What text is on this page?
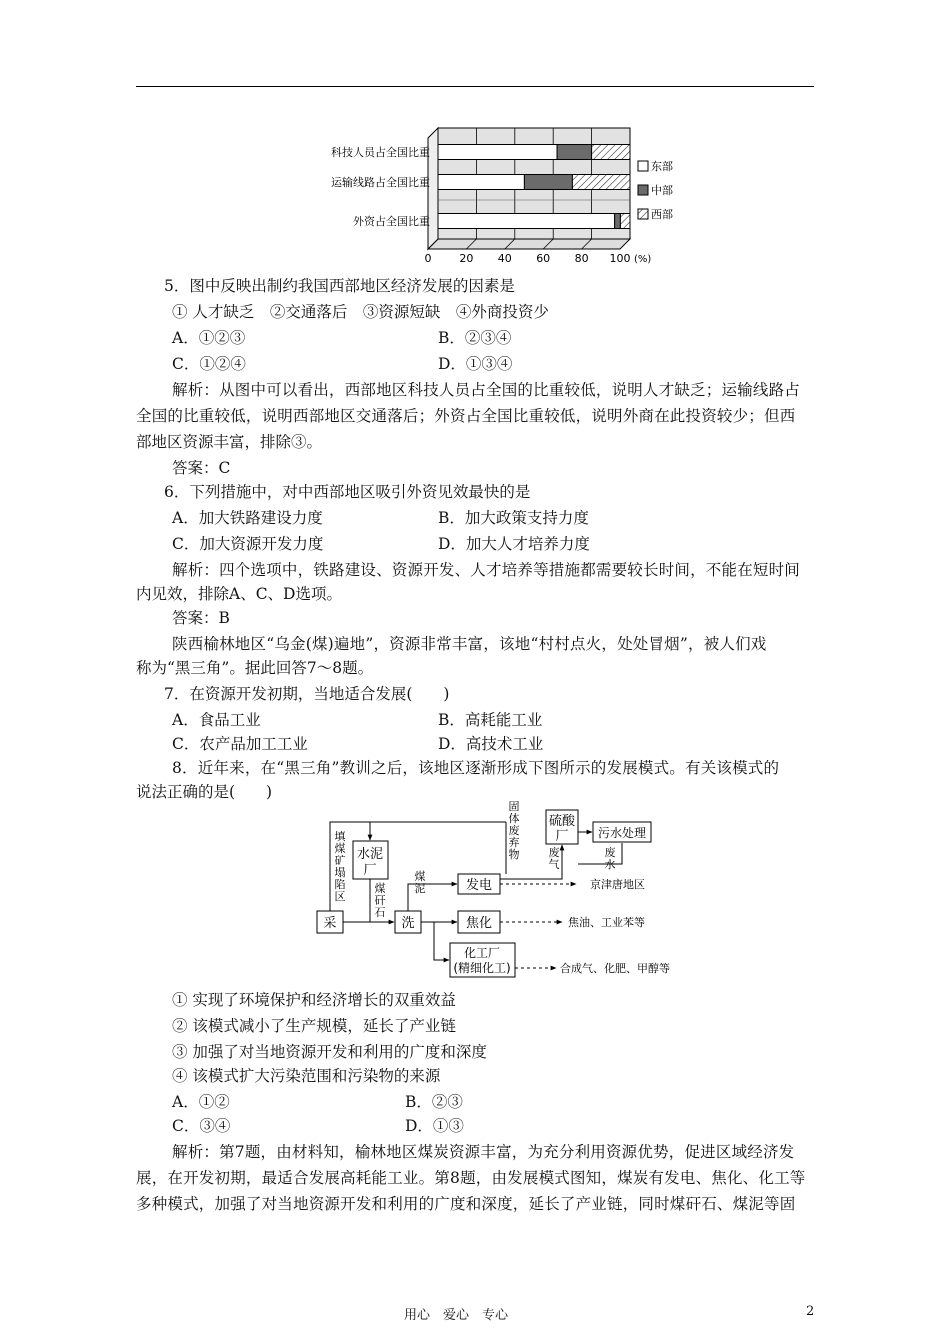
科技人员占全国比重
运输线路占全国比重
外资占全国比重
0	20 40 60 80 100 (%)
东部
中部
西部
5．图中反映出制约我国西部地区经济发展的因素是
① 人才缺乏　②交通落后　③资源短缺　④外商投资少
A．①②③	B．②③④
C．①②④	D．①③④
解析：从图中可以看出，西部地区科技人员占全国的比重较低，说明人才缺乏；运输线路占
全国的比重较低，说明西部地区交通落后；外资占全国比重较低，说明外商在此投资较少；但西
部地区资源丰富，排除③。
答案：C
6．下列措施中，对中西部地区吸引外资见效最快的是
A．加大铁路建设力度	B．加大政策支持力度
C．加大资源开发力度	D．加大人才培养力度
解析：四个选项中，铁路建设、资源开发、人才培养等措施都需要较长时间，不能在短时间
内见效，排除A、C、D选项。
答案：B
陕西榆林地区“乌金(煤)遍地”，资源非常丰富，该地“村村点火，处处冒烟”，被人们戏
称为“黑三角”。据此回答7～8题。
7．在资源开发初期，当地适合发展(　　)
A．食品工业	B．高耗能工业
C．农产品加工工业	D．高技术工业
8．近年来，在“黑三角”教训之后，该地区逐渐形成下图所示的发展模式。有关该模式的
说法正确的是(　　)
采	洗
水泥
厂
发电
焦化
化工厂
(精细化工)
硫酸
厂 污水处理
填
煤
矿
塌
陷
区
煤
泥
煤
矸
石
固
体
废
弃
物	废
气
废
水
京津唐地区
焦油、工业苯等
合成气、化肥、甲醇等
① 实现了环境保护和经济增长的双重效益
② 该模式减小了生产规模，延长了产业链
③ 加强了对当地资源开发和利用的广度和深度
④ 该模式扩大污染范围和污染物的来源
A．①②	B．②③
C．③④	D．①③
解析：第7题，由材料知，榆林地区煤炭资源丰富，为充分利用资源优势，促进区域经济发
展，在开发初期，最适合发展高耗能工业。第8题，由发展模式图知，煤炭有发电、焦化、化工等
多种模式，加强了对当地资源开发和利用的广度和深度，延长了产业链，同时煤矸石、煤泥等固
用心　爱心　专心	2
